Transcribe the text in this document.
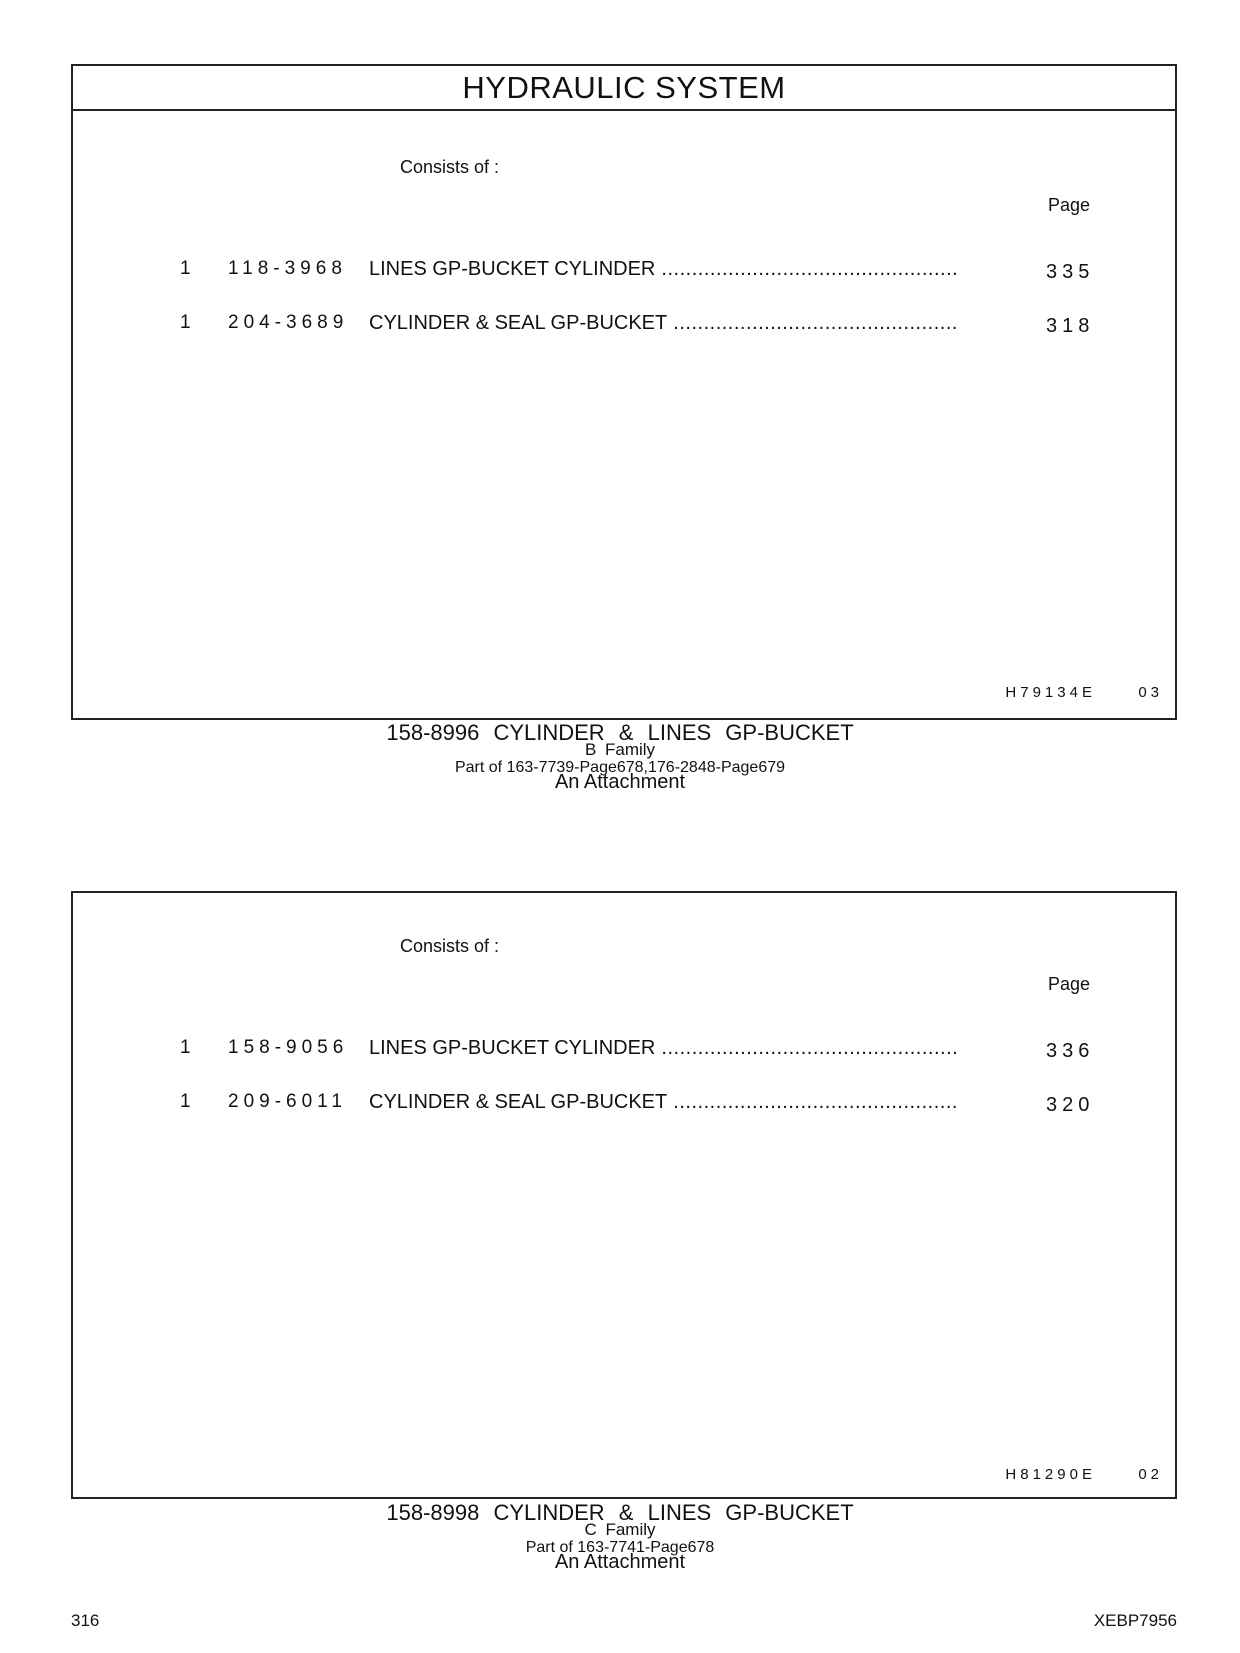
HYDRAULIC SYSTEM
Consists of :
Page
1 118-3968 LINES GP-BUCKET CYLINDER .....	335
1 204-3689 CYLINDER & SEAL GP-BUCKET .....	318
H79134E	03
158-8996 CYLINDER & LINES GP-BUCKET
B Family
Part of 163-7739-Page678,176-2848-Page679
An Attachment
Consists of :
Page
1 158-9056 LINES GP-BUCKET CYLINDER .....	336
1 209-6011 CYLINDER & SEAL GP-BUCKET .....	320
H81290E	02
158-8998 CYLINDER & LINES GP-BUCKET
C Family
Part of 163-7741-Page678
An Attachment
316	XEBP7956
